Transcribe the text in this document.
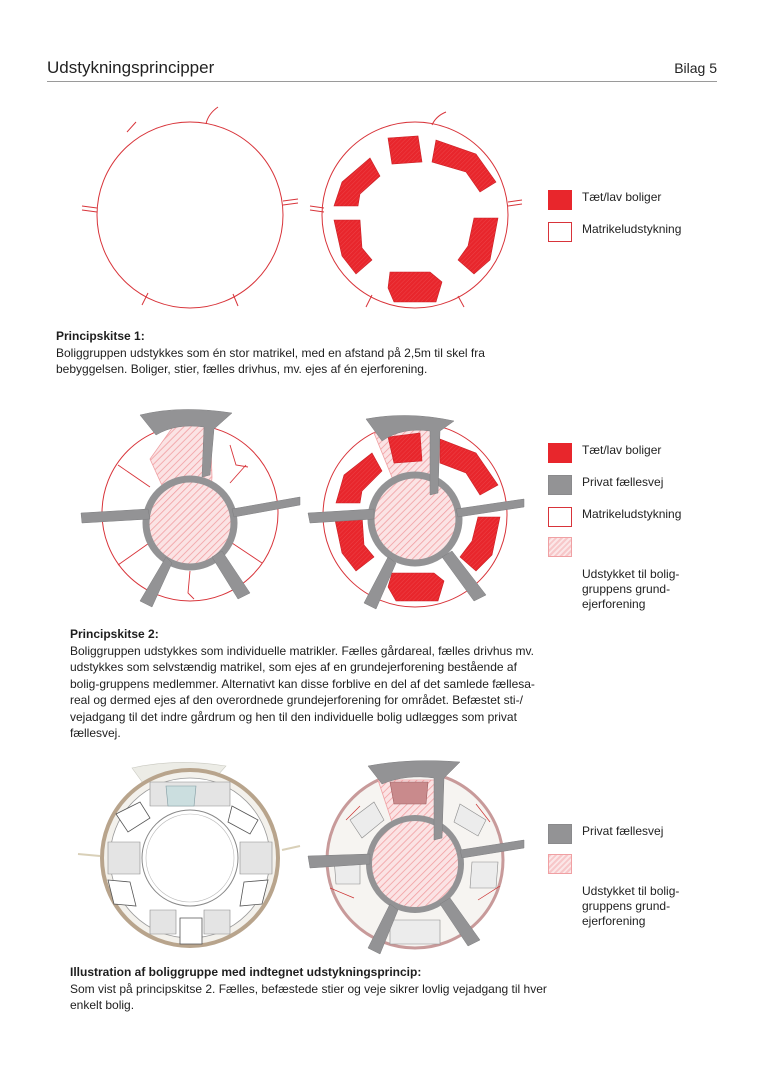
Udstykningsprincipper	Bilag 5
Tæt/lav boliger
Matrikeludstykning
Principskitse 1:
Boliggruppen udstykkes som én stor matrikel, med en afstand på 2,5m til skel fra
bebyggelsen. Boliger, stier, fælles drivhus, mv. ejes af én ejerforening.
Tæt/lav boliger
Privat fællesvej
Matrikeludstykning

Udstykket til bolig-
gruppens grund-
ejerforening

Principskitse 2:
Boliggruppen udstykkes som individuelle matrikler. Fælles gårdareal, fælles drivhus mv.
udstykkes som selvstændig matrikel, som ejes af en grundejerforening bestående af
bolig-gruppens medlemmer. Alternativt kan disse forblive en del af det samlede fællesa-
real og dermed ejes af den overordnede grundejerforening for området. Befæstet sti-/
vejadgang til det indre gårdrum og hen til den individuelle bolig udlægges som privat
fællesvej.
Privat fællesvej

Udstykket til bolig-
gruppens grund-
ejerforening

Illustration af boliggruppe med indtegnet udstykningsprincip:
Som vist på principskitse 2. Fælles, befæstede stier og veje sikrer lovlig vejadgang til hver
enkelt bolig.
